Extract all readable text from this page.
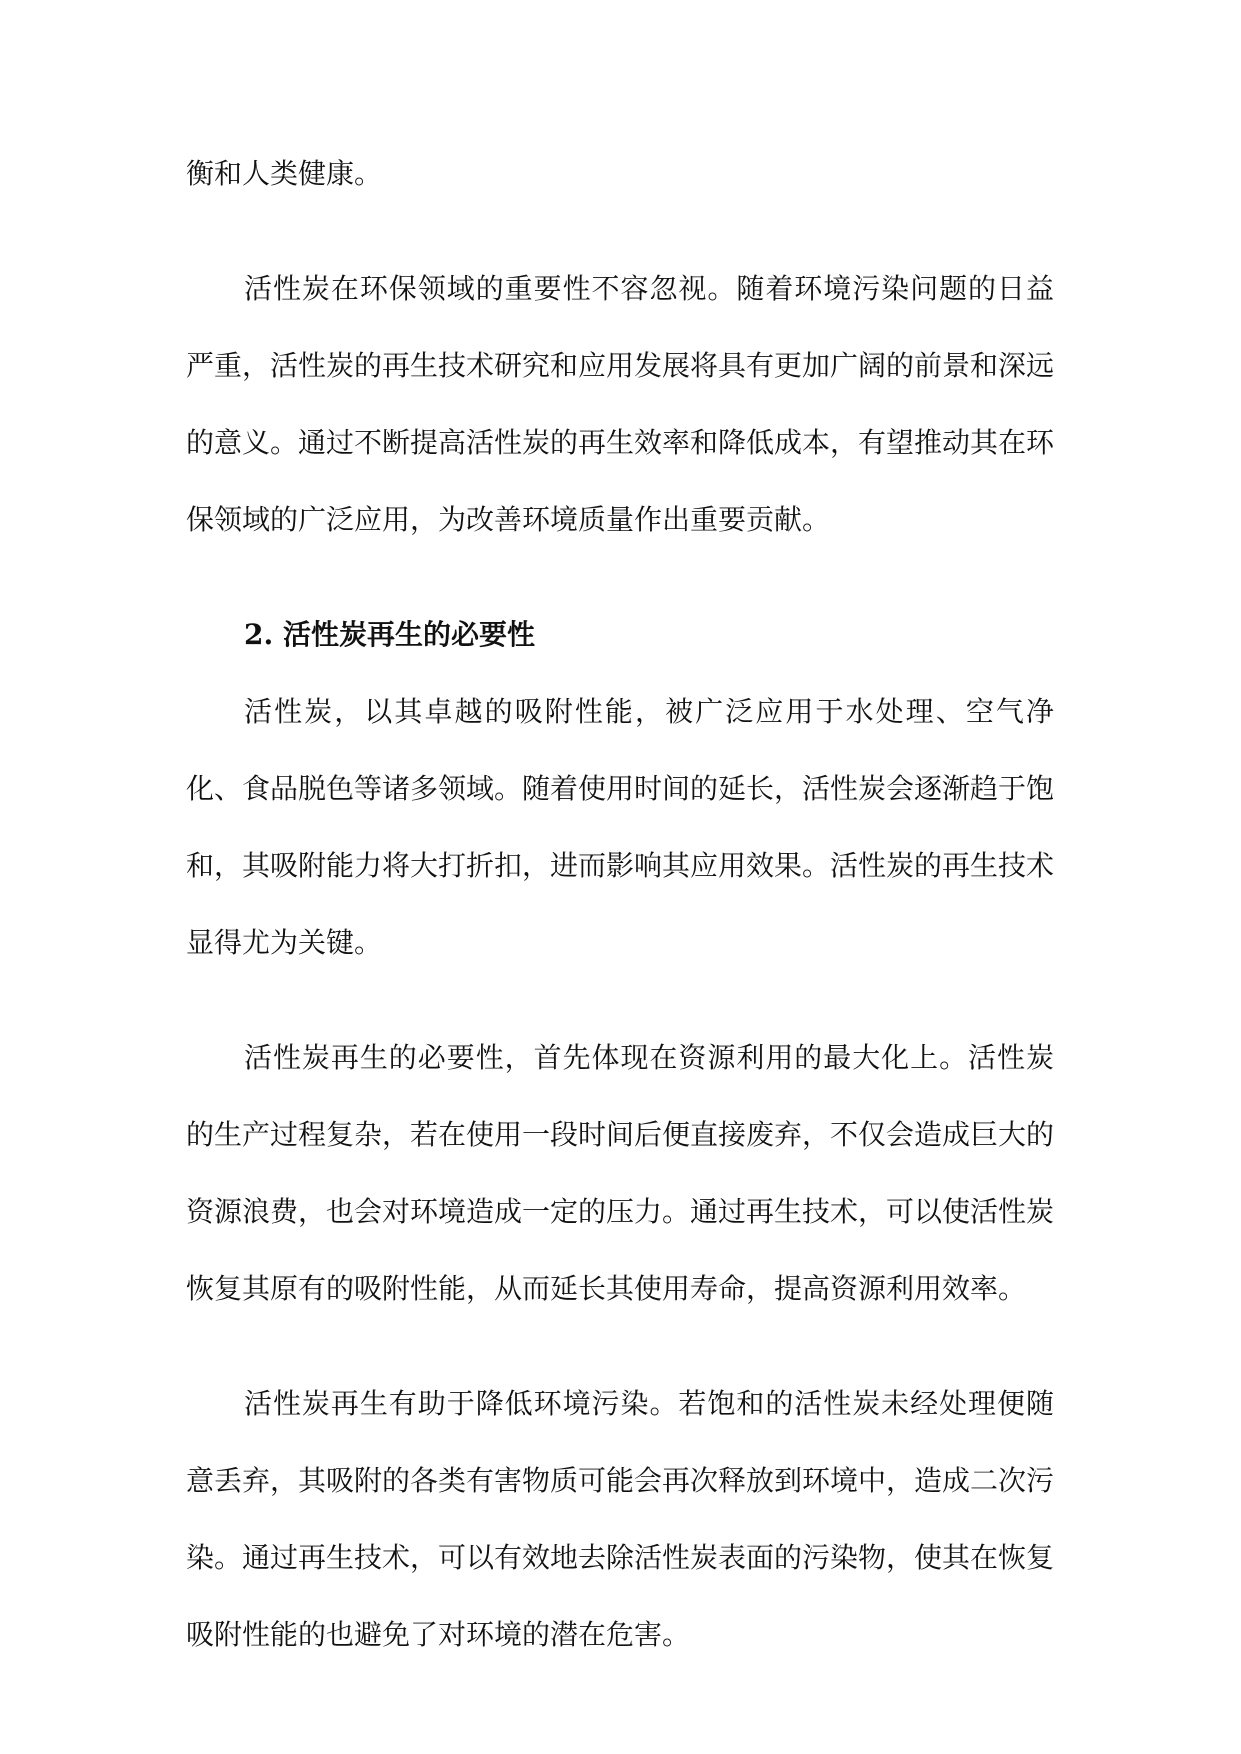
衡和人类健康。

活性炭在环保领域的重要性不容忽视。随着环境污染问题的日益严重，活性炭的再生技术研究和应用发展将具有更加广阔的前景和深远的意义。通过不断提高活性炭的再生效率和降低成本，有望推动其在环保领域的广泛应用，为改善环境质量作出重要贡献。

2. 活性炭再生的必要性

活性炭，以其卓越的吸附性能，被广泛应用于水处理、空气净化、食品脱色等诸多领域。随着使用时间的延长，活性炭会逐渐趋于饱和，其吸附能力将大打折扣，进而影响其应用效果。活性炭的再生技术显得尤为关键。

活性炭再生的必要性，首先体现在资源利用的最大化上。活性炭的生产过程复杂，若在使用一段时间后便直接废弃，不仅会造成巨大的资源浪费，也会对环境造成一定的压力。通过再生技术，可以使活性炭恢复其原有的吸附性能，从而延长其使用寿命，提高资源利用效率。

活性炭再生有助于降低环境污染。若饱和的活性炭未经处理便随意丢弃，其吸附的各类有害物质可能会再次释放到环境中，造成二次污染。通过再生技术，可以有效地去除活性炭表面的污染物，使其在恢复吸附性能的也避免了对环境的潜在危害。
